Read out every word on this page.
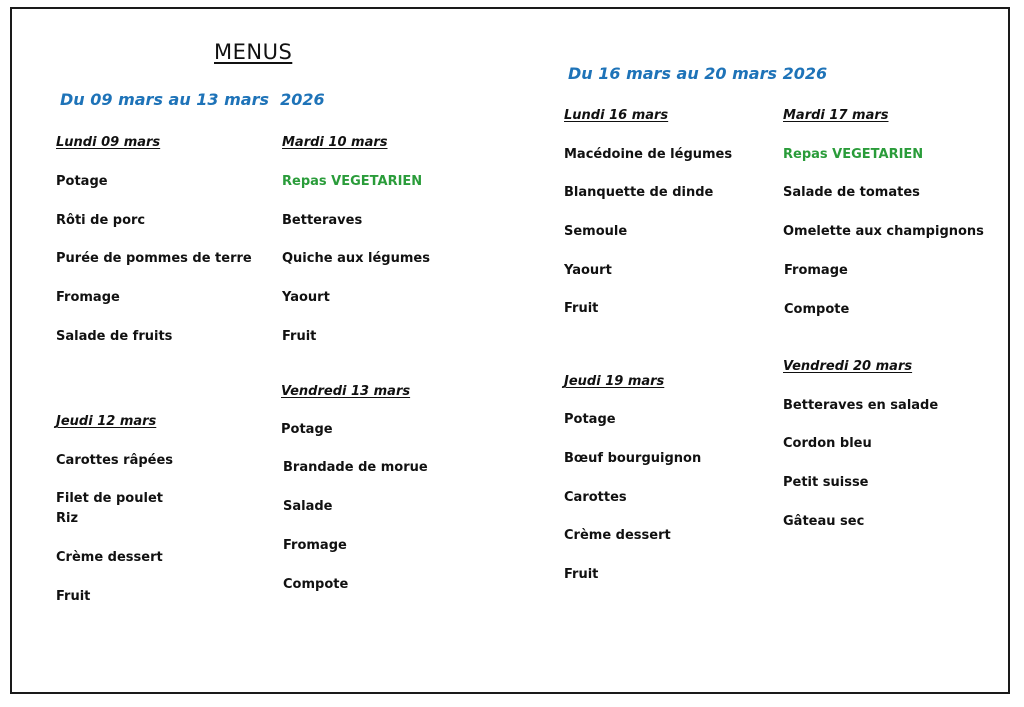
MENUS
Du 09 mars au 13 mars  2026
Lundi 09 mars
Potage
Rôti de porc
Purée de pommes de terre
Fromage
Salade de fruits
Mardi 10 mars
Repas VEGETARIEN
Betteraves
Quiche aux légumes
Yaourt
Fruit
Jeudi 12 mars
Carottes râpées
Filet de poulet
Riz
Crème dessert
Fruit
Vendredi 13 mars
Potage
Brandade de morue
Salade
Fromage
Compote
Du 16 mars au 20 mars 2026
Lundi 16 mars
Macédoine de légumes
Blanquette de dinde
Semoule
Yaourt
Fruit
Mardi 17 mars
Repas VEGETARIEN
Salade de tomates
Omelette aux champignons
Fromage
Compote
Jeudi 19 mars
Potage
Bœuf bourguignon
Carottes
Crème dessert
Fruit
Vendredi 20 mars
Betteraves en salade
Cordon bleu
Petit suisse
Gâteau sec
